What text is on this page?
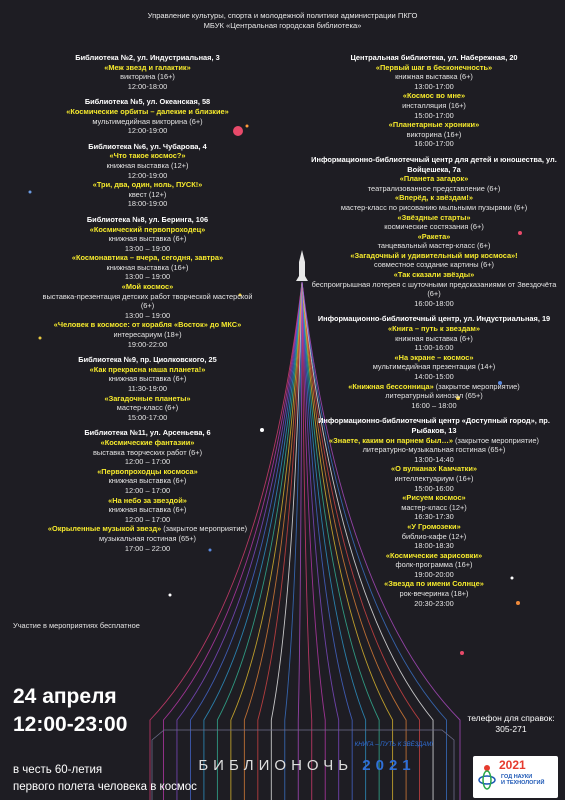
Управление культуры, спорта и молодежной политики администрации ПКГО
МБУК «Центральная городская библиотека»
Библиотека №2, ул. Индустриальная, 3
«Меж звезд и галактик»
викторина (16+)
12:00-18:00
Библиотека №5, ул. Океанская, 58
«Космические орбиты – далекие и близкие»
мультимедийная викторина (6+)
12:00-19:00
Библиотека №6, ул. Чубарова, 4
«Что такое космос?»
книжная выставка (12+)
12:00-19:00
«Три, два, один, ноль, ПУСК!»
квест (12+)
18:00-19:00
Библиотека №8, ул. Беринга, 106
«Космический первопроходец»
книжная выставка (6+)
13:00 – 19:00
«Космонавтика – вчера, сегодня, завтра»
книжная выставка (16+)
13:00 – 19:00
«Мой космос»
выставка-презентация детских работ творческой мастерской (6+)
13:00 – 19:00
«Человек в космосе: от корабля «Восток» до МКС»
интересариум (18+)
19:00-22:00
Библиотека №9, пр. Циолковского, 25
«Как прекрасна наша планета!»
книжная выставка (6+)
11:30-19:00
«Загадочные планеты»
мастер-класс (6+)
15:00-17:00
Библиотека №11, ул. Арсеньева, 6
«Космические фантазии»
выставка творческих работ (6+)
12:00 – 17:00
«Первопроходцы космоса»
книжная выставка (6+)
12:00 – 17:00
«На небо за звездой»
книжная выставка (6+)
12:00 – 17:00
«Окрыленные музыкой звезд» (закрытое мероприятие)
музыкальная гостиная (65+)
17:00 – 22:00
Центральная библиотека, ул. Набережная, 20
«Первый шаг в бесконечность»
книжная выставка (6+)
13:00-17:00
«Космос во мне»
инсталляция (16+)
15:00-17:00
«Планетарные хроники»
викторина (16+)
16:00-17:00
Информационно-библиотечный центр для детей и юношества, ул. Войцешека, 7а
«Планета загадок»
театрализованное представление (6+)
«Вперёд, к звёздам!»
мастер-класс по рисованию мыльными пузырями (6+)
«Звёздные старты»
космические состязания (6+)
«Ракета»
танцевальный мастер-класс (6+)
«Загадочный и удивительный мир космоса»!
совместное создание картины (6+)
«Так сказали звёзды»
беспроигрышная лотерея с шуточными предсказаниями от Звездочёта (6+)
16:00-18:00
Информационно-библиотечный центр, ул. Индустриальная, 19
«Книга – путь к звездам»
книжная выставка (6+)
11:00-16:00
«На экране – космос»
мультимедийная презентация (14+)
14:00-15:00
«Книжная бессонница» (закрытое мероприятие)
литературный кинозал (65+)
16:00 – 18:00
Информационно-библиотечный центр «Доступный город», пр. Рыбаков, 13
«Знаете, каким он парнем был…» (закрытое мероприятие)
литературно-музыкальная гостиная (65+)
13:00-14:40
«О вулканах Камчатки»
интеллектуариум (16+)
15:00-16:00
«Рисуем космос»
мастер-класс (12+)
16:30-17:30
«У Громозеки»
библио-кафе (12+)
18:00-18:30
«Космические зарисовки»
фолк-программа (16+)
19:00-20:00
«Звезда по имени Солнце»
рок-вечеринка (18+)
20:30-23:00
Участие в мероприятиях бесплатное
24 апреля
12:00-23:00
в честь 60-летия
первого полета человека в космос
КНИГА – ПУТЬ К ЗВЁЗДАМ!
БИБЛИОНОЧЬ 2021
телефон для справок:
305-271
2021
ГОД НАУКИ
И ТЕХНОЛОГИЙ
